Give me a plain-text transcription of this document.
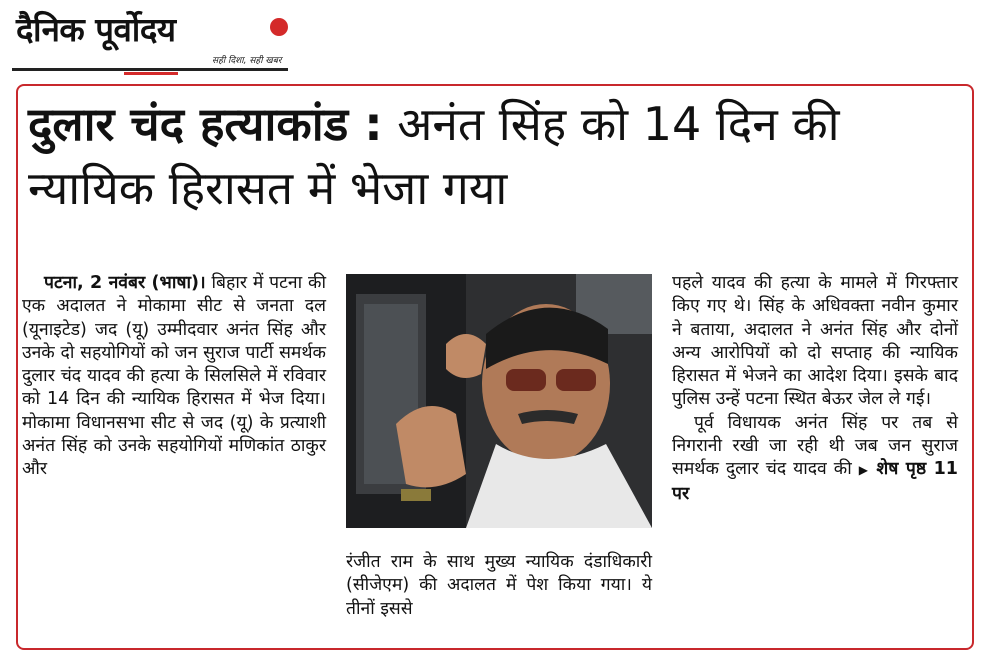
दैनिक पूर्वोदय
सही दिशा, सही खबर
दुलार चंद हत्याकांड : अनंत सिंह को 14 दिन की न्यायिक हिरासत में भेजा गया
पटना, 2 नवंबर (भाषा)। बिहार में पटना की एक अदालत ने मोकामा सीट से जनता दल (यूनाइटेड) जद (यू) उम्मीदवार अनंत सिंह और उनके दो सहयोगियों को जन सुराज पार्टी समर्थक दुलार चंद यादव की हत्या के सिलसिले में रविवार को 14 दिन की न्यायिक हिरासत में भेज दिया। मोकामा विधानसभा सीट से जद (यू) के प्रत्याशी अनंत सिंह को उनके सहयोगियों मणिकांत ठाकुर और
रंजीत राम के साथ मुख्य न्यायिक दंडाधिकारी (सीजेएम) की अदालत में पेश किया गया। ये तीनों इससे
पहले यादव की हत्या के मामले में गिरफ्तार किए गए थे। सिंह के अधिवक्ता नवीन कुमार ने बताया, अदालत ने अनंत सिंह और दोनों अन्य आरोपियों को दो सप्ताह की न्यायिक हिरासत में भेजने का आदेश दिया। इसके बाद पुलिस उन्हें पटना स्थित बेऊर जेल ले गई।
पूर्व विधायक अनंत सिंह पर तब से निगरानी रखी जा रही थी जब जन सुराज समर्थक दुलार चंद यादव की ▶ शेष पृष्ठ 11 पर
